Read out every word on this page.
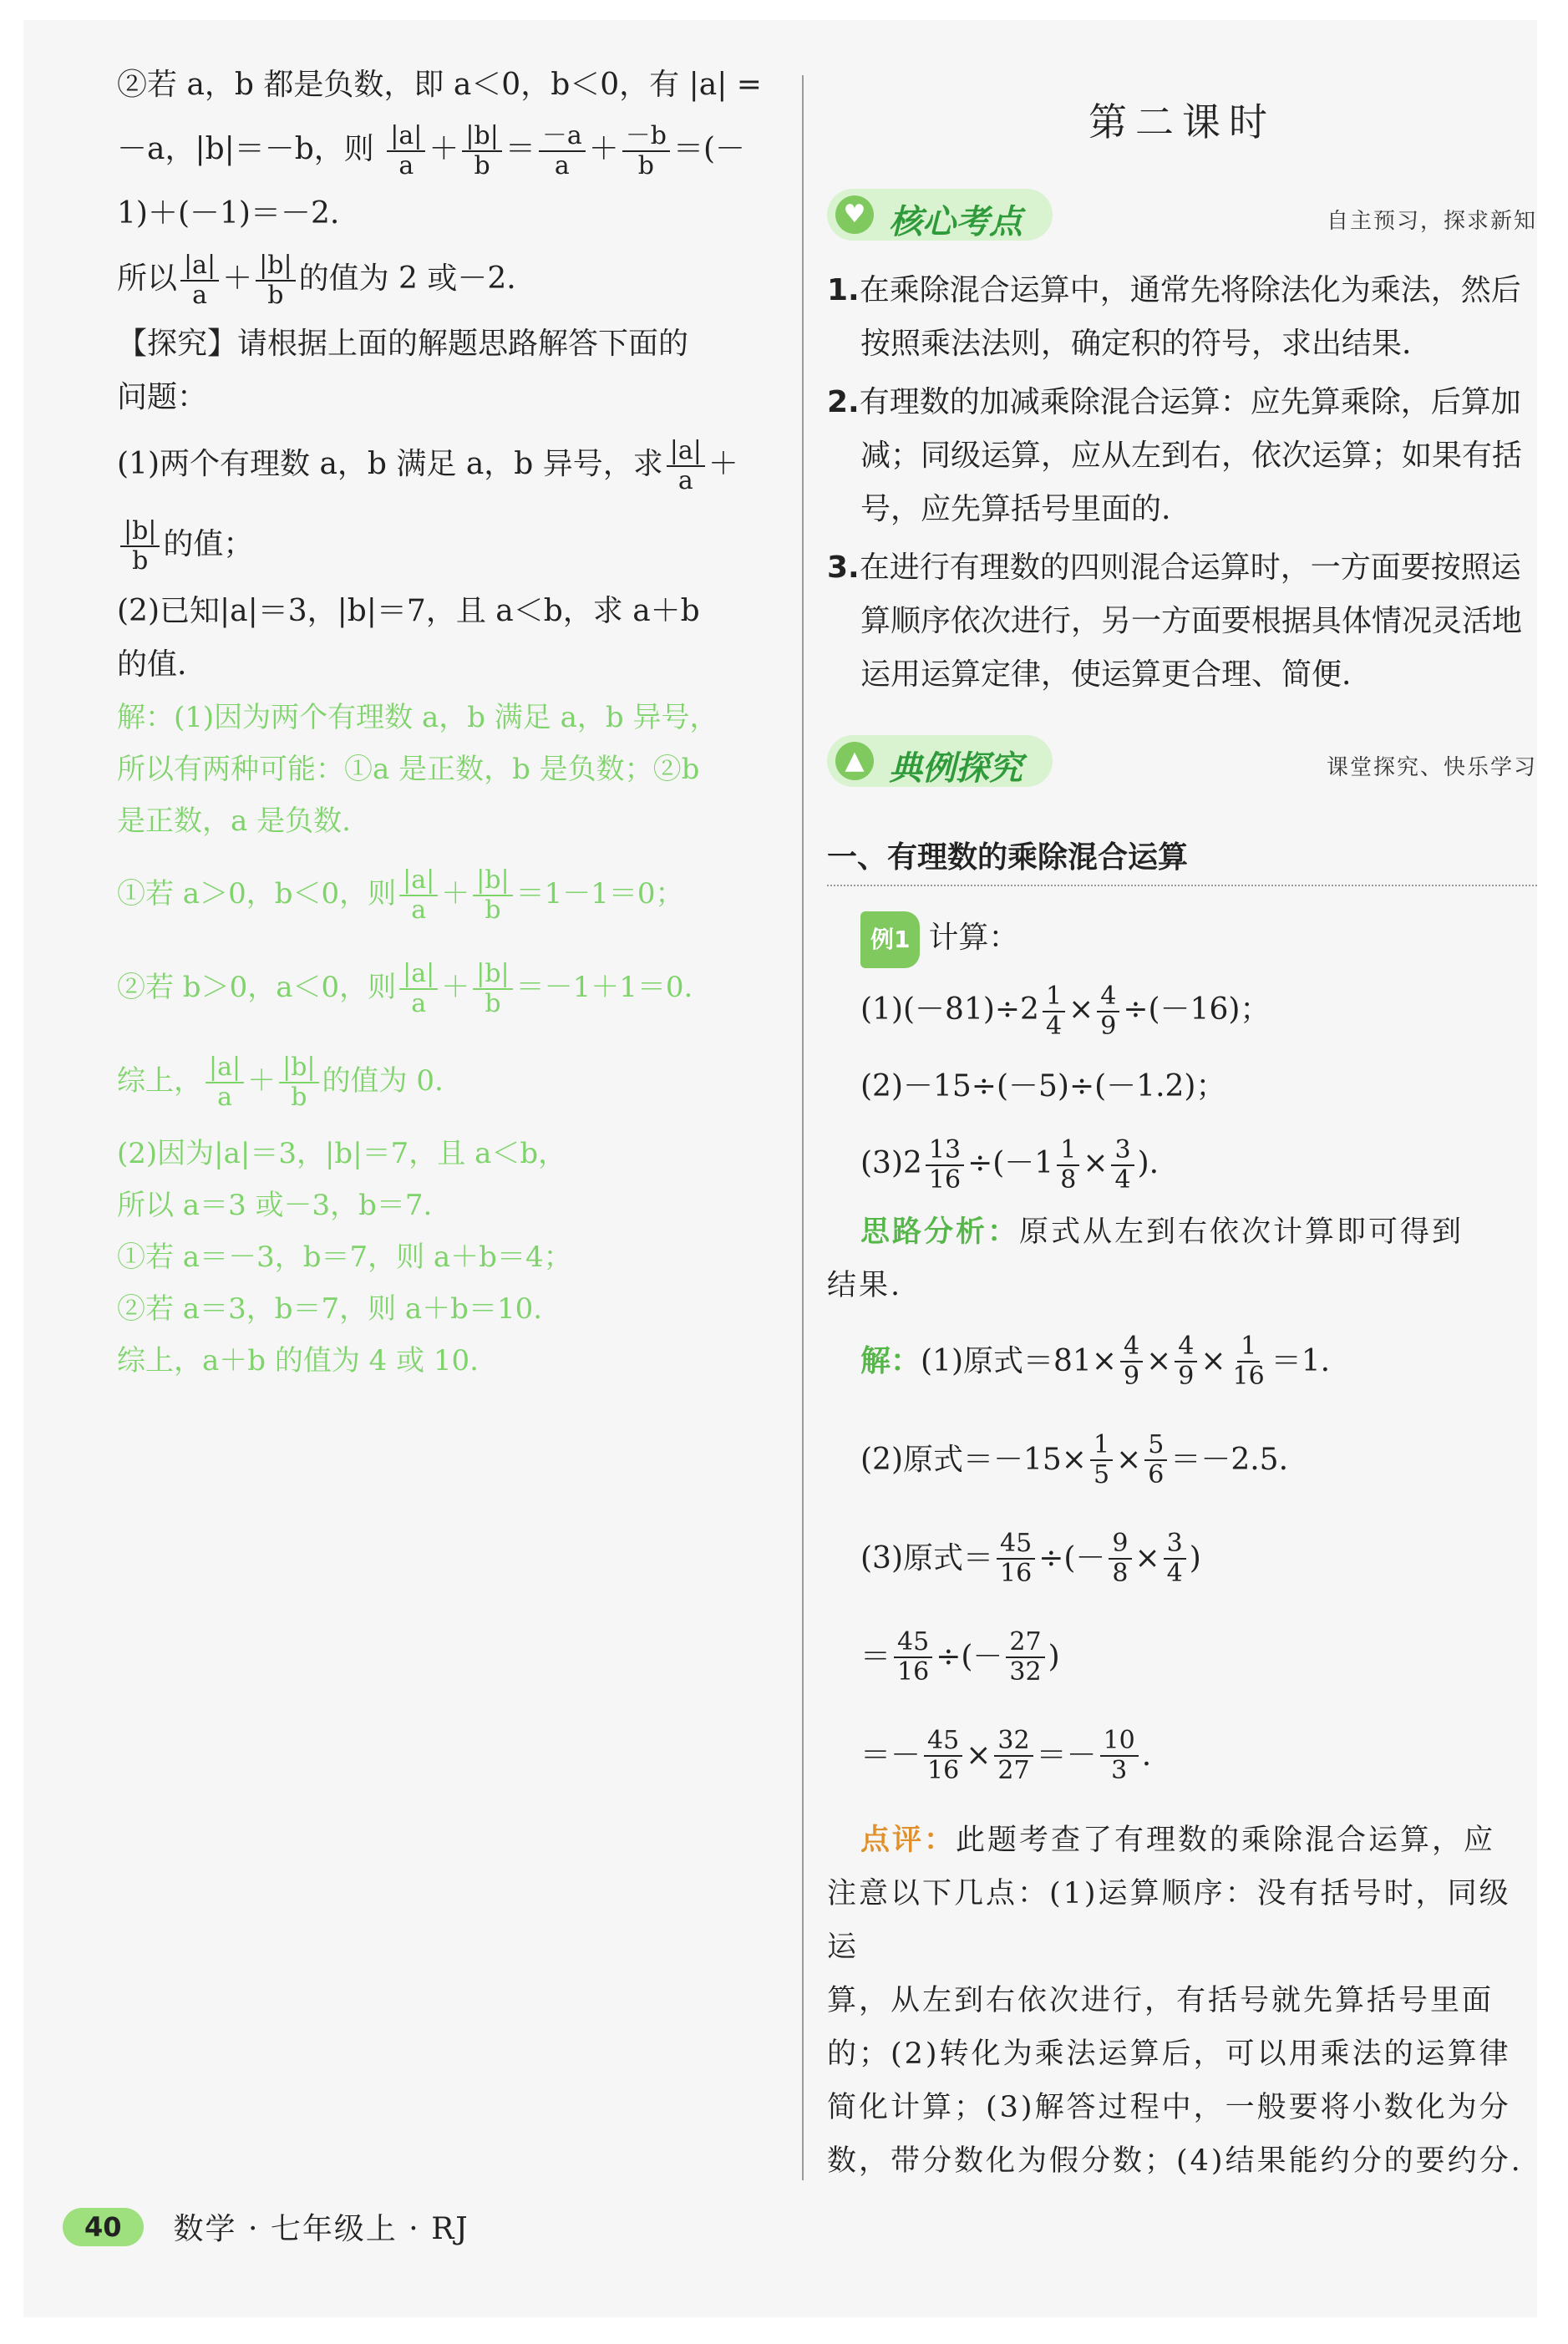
②若 a，b 都是负数，即 a＜0，b＜0，有 |a| =
－a，|b|＝－b，则 $\frac{|a|}{a} + \frac{|b|}{b} = \frac{-a}{a} + \frac{-b}{b}$ ＝(－
1)＋(－1)＝－2.
所以 $\frac{|a|}{a} + \frac{|b|}{b}$ 的值为 2 或－2.
【探究】请根据上面的解题思路解答下面的
问题：
(1)两个有理数 a，b 满足 a，b 异号，求 $\frac{|a|}{a}$ ＋
$\frac{|b|}{b}$ 的值；
(2)已知|a|＝3，|b|＝7，且 a＜b，求 a＋b
的值.
解：(1)因为两个有理数 a，b 满足 a，b 异号，
所以有两种可能：①a 是正数，b 是负数；②b
是正数，a 是负数.
①若 a＞0，b＜0，则 $\frac{|a|}{a} + \frac{|b|}{b} =1-1=0$；
②若 b＞0，a＜0，则 $\frac{|a|}{a} + \frac{|b|}{b} =-1+1=0$.
综上， $\frac{|a|}{a} + \frac{|b|}{b}$ 的值为 0.
(2)因为|a|＝3，|b|＝7，且 a＜b，
所以 a＝3 或－3，b＝7.
①若 a＝－3，b＝7，则 a＋b＝4；
②若 a＝3，b＝7，则 a＋b＝10.
综上，a＋b 的值为 4 或 10.
第二课时
♥ 核心考点	自主预习，探求新知
1.在乘除混合运算中，通常先将除法化为乘法，然后按照乘法法则，确定积的符号，求出结果.
2.有理数的加减乘除混合运算：应先算乘除，后算加减；同级运算，应从左到右，依次运算；如果有括号，应先算括号里面的.
3.在进行有理数的四则混合运算时，一方面要按照运算顺序依次进行，另一方面要根据具体情况灵活地运用运算定律，使运算更合理、简便.
▲ 典例探究	课堂探究、快乐学习
一、有理数的乘除混合运算
例1 计算：
$(1)(-81)\div 2 \frac{1}{4} \times \frac{4}{9} \div(-16)$；
(2)－15÷(－5)÷(－1.2)；
$(3)2 \frac{13}{16} \div(-1 \frac{1}{8} \times \frac{3}{4}$ ).
思路分析：原式从左到右依次计算即可得到
结果.
解： (1)原式$=81\times \frac{4}{9} \times \frac{4}{9} \times \frac{1}{16} =1$.
(2)原式$=-15\times \frac{1}{5} \times \frac{5}{6} =-2.5$.
(3)原式＝ $\frac{45}{16}$ ÷(－ $\frac{9}{8} \times \frac{3}{4}$ )
＝ $\frac{45}{16}$ ÷(－ $\frac{27}{32}$ )
＝－ $\frac{45}{16} \times \frac{32}{27} =- \frac{10}{3}$ .
点评：此题考查了有理数的乘除混合运算，应
注意以下几点：(1)运算顺序：没有括号时，同级运
算，从左到右依次进行，有括号就先算括号里面
的；(2)转化为乘法运算后，可以用乘法的运算律
简化计算；(3)解答过程中，一般要将小数化为分
数，带分数化为假分数；(4)结果能约分的要约分.
40	数学 · 七年级上 · RJ
